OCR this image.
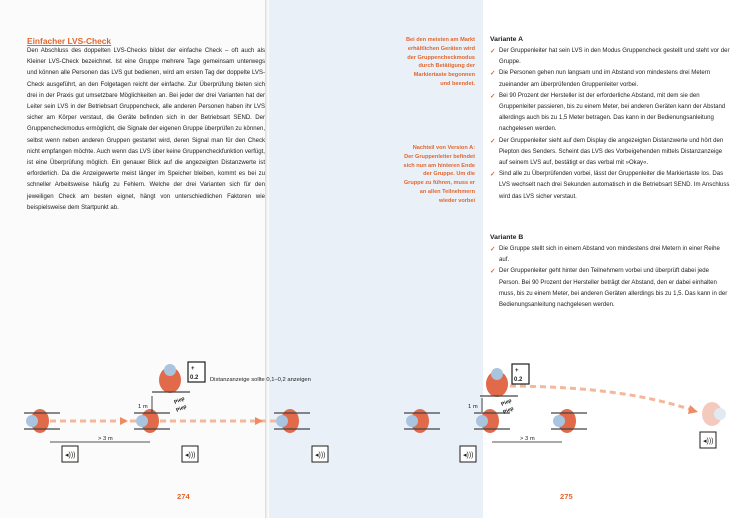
Einfacher LVS-Check

Den Abschluss des doppelten LVS-Checks bildet der einfache Check – oft auch als Kleiner LVS-Check bezeichnet. Ist eine Gruppe mehrere Tage gemeinsam unterwegs und können alle Personen das LVS gut bedienen, wird am ersten Tag der doppelte LVS-Check ausgeführt, an den Folgetagen reicht der einfache. Zur Überprüfung bieten sich drei in der Praxis gut umsetzbare Möglichkeiten an. Bei jeder der drei Varianten hat der Leiter sein LVS in der Betriebsart Gruppencheck, alle anderen Personen haben ihr LVS sicher am Körper verstaut, die Geräte befinden sich in der Betriebsart SEND. Der Gruppencheckmodus ermöglicht, die Signale der eigenen Gruppe überprüfen zu können, selbst wenn neben anderen Gruppen gestartet wird, deren Signal man für den Check nicht empfangen möchte. Auch wenn das LVS über keine Gruppencheckfunktion verfügt, ist eine Überprüfung möglich. Ein genauer Blick auf die angezeigten Distanzwerte ist erforderlich. Da die Anzeigewerte meist länger im Speicher bleiben, kommt es bei zu schneller Arbeitsweise häufig zu Fehlern. Welche der drei Varianten sich für den jeweiligen Check am besten eignet, hängt von unterschiedlichen Faktoren wie beispielsweise dem Startpunkt ab.

+
0.2 Distanzanzeige sollte 0,1–0,2 anzeigen
1 m
Piep
Piep
> 3 m
◂)))	◂)))	◂)))

274

Bei den meisten am Markt erhältlichen Geräten wird der Gruppencheckmodus durch Betätigung der Markiertaste begonnen und beendet.

Nachteil von Version A: Der Gruppenleiter befindet sich nun am hinteren Ende der Gruppe. Um die Gruppe zu führen, muss er an allen Teilnehmern wieder vorbei

Variante A
✓ Der Gruppenleiter hat sein LVS in den Modus Gruppencheck gestellt und steht vor der Gruppe.
✓ Die Personen gehen nun langsam und im Abstand von mindestens drei Metern zueinander am überprüfenden Gruppenleiter vorbei.
✓ Bei 90 Prozent der Hersteller ist der erforderliche Abstand, mit dem sie den Gruppenleiter passieren, bis zu einem Meter, bei anderen Geräten kann der Abstand allerdings auch bis zu 1,5 Meter betragen. Das kann in der Bedienungsanleitung nachgelesen werden.
✓ Der Gruppenleiter sieht auf dem Display die angezeigten Distanzwerte und hört den Piepton des Senders. Scheint das LVS des Vorbeigehenden mittels Distanzanzeige auf seinem LVS auf, bestätigt er das verbal mit »Okay«.
✓ Sind alle zu Überprüfenden vorbei, lässt der Gruppenleiter die Markiertaste los. Das LVS wechselt nach drei Sekunden automatisch in die Betriebsart SEND. Im Anschluss wird das LVS sicher verstaut.
Variante B
✓ Die Gruppe stellt sich in einem Abstand von mindestens drei Metern in einer Reihe auf.
✓ Der Gruppenleiter geht hinter den Teilnehmern vorbei und überprüft dabei jede Person. Bei 90 Prozent der Hersteller beträgt der Abstand, den er dabei einhalten muss, bis zu einem Meter, bei anderen Geräten allerdings bis zu 1,5. Das kann in der Bedienungsanleitung nachgelesen werden.
+
0.2
1 m	Piep
Piep
> 3 m
◂)))
◂)))

275
